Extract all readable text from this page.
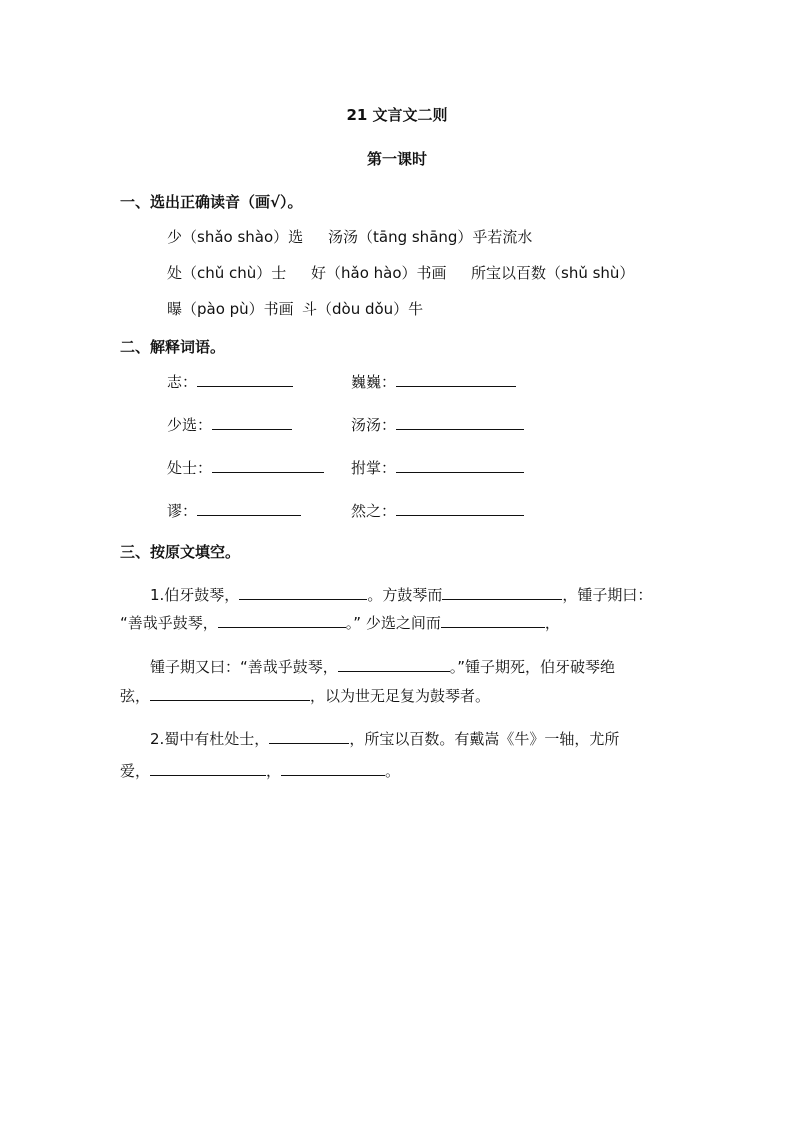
21 文言文二则
第一课时
一、选出正确读音（画√）。
少（shǎo shào）选 汤汤（tāng shāng）乎若流水
处（chǔ chù）士 好（hǎo hào）书画 所宝以百数（shǔ shù）
曝（pào pù）书画 斗（dòu dǒu）牛
二、解释词语。
志：	巍巍：
少选：	汤汤：
处士：	拊掌：
谬：	然之：
三、按原文填空。
1.伯牙鼓琴，	。方鼓琴而	，锺子期曰：
“善哉乎鼓琴，	。” 少选之间而	，
锺子期又曰：“善哉乎鼓琴，	。”锺子期死，伯牙破琴绝
弦，	，以为世无足复为鼓琴者。
2.蜀中有杜处士，	，所宝以百数。有戴嵩《牛》一轴，尤所
爱，	，	。
